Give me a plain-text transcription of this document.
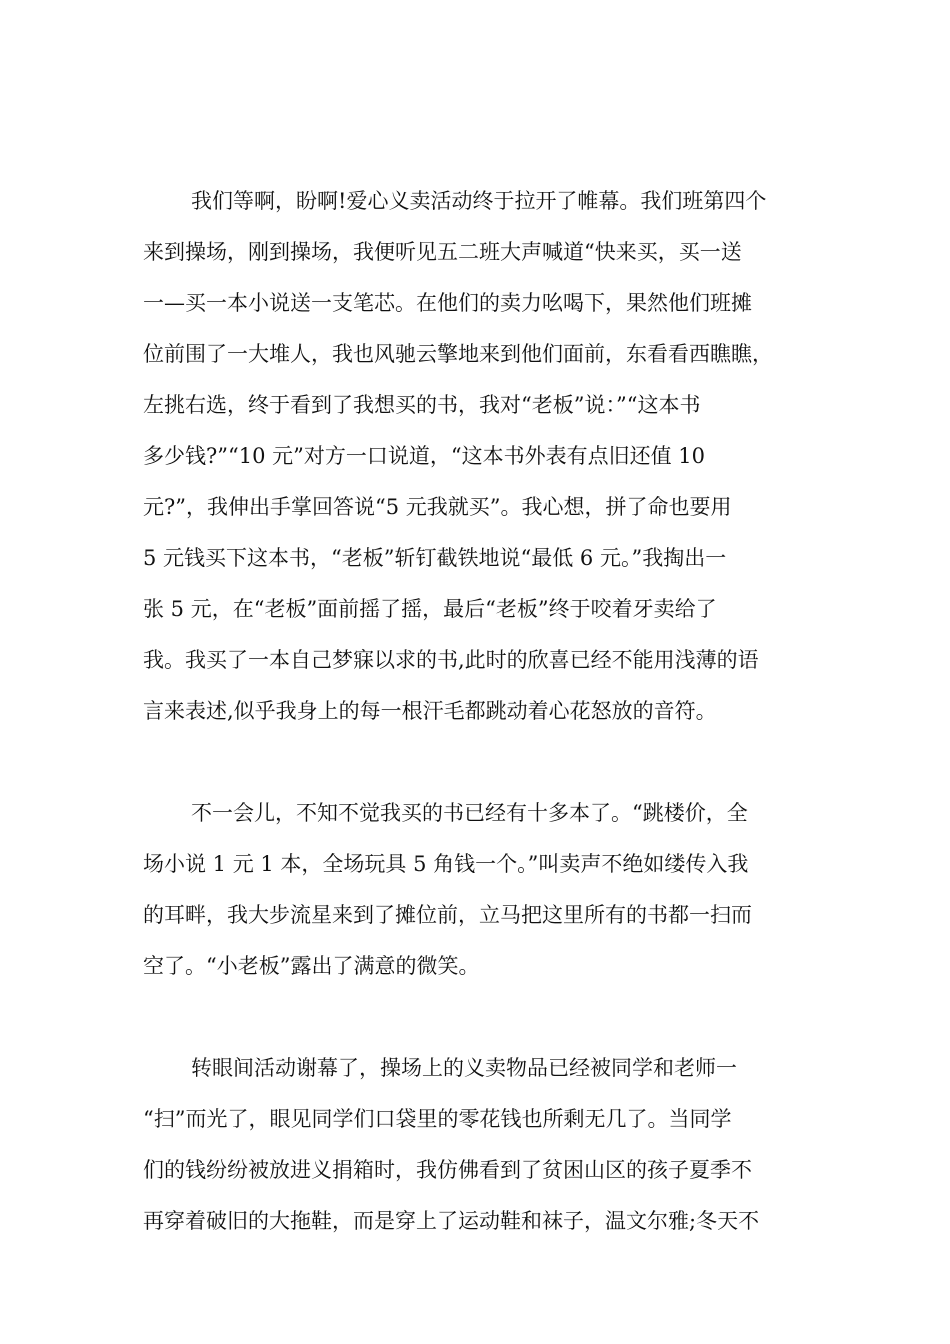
我们等啊，盼啊!爱心义卖活动终于拉开了帷幕。我们班第四个
来到操场，刚到操场，我便听见五二班大声喊道“快来买，买一送
一—买一本小说送一支笔芯。在他们的卖力吆喝下，果然他们班摊
位前围了一大堆人，我也风驰云擎地来到他们面前，东看看西瞧瞧，
左挑右选，终于看到了我想买的书，我对“老板”说：”“这本书
多少钱?”“10 元”对方一口说道，“这本书外表有点旧还值 10
元?”，我伸出手掌回答说“5 元我就买”。我心想，拼了命也要用
5 元钱买下这本书，“老板”斩钉截铁地说“最低 6 元。”我掏出一
张 5 元，在“老板”面前摇了摇，最后“老板”终于咬着牙卖给了
我。我买了一本自己梦寐以求的书,此时的欣喜已经不能用浅薄的语
言来表述,似乎我身上的每一根汗毛都跳动着心花怒放的音符。
不一会儿，不知不觉我买的书已经有十多本了。“跳楼价，全
场小说 1 元 1 本，全场玩具 5 角钱一个。”叫卖声不绝如缕传入我
的耳畔，我大步流星来到了摊位前，立马把这里所有的书都一扫而
空了。“小老板”露出了满意的微笑。
转眼间活动谢幕了，操场上的义卖物品已经被同学和老师一
“扫”而光了，眼见同学们口袋里的零花钱也所剩无几了。当同学
们的钱纷纷被放进义捐箱时，我仿佛看到了贫困山区的孩子夏季不
再穿着破旧的大拖鞋，而是穿上了运动鞋和袜子，温文尔雅;冬天不
